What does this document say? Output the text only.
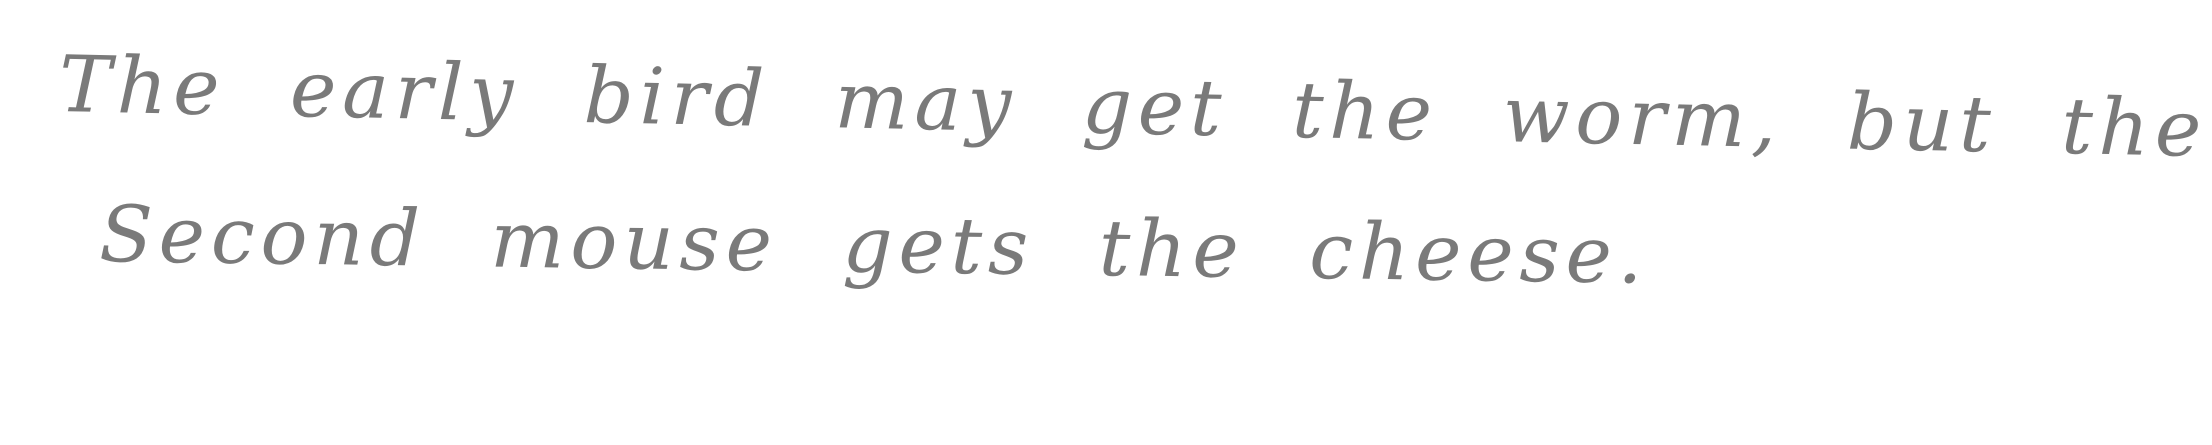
The early bird may get the worm, but the
Second mouse gets the cheese.
